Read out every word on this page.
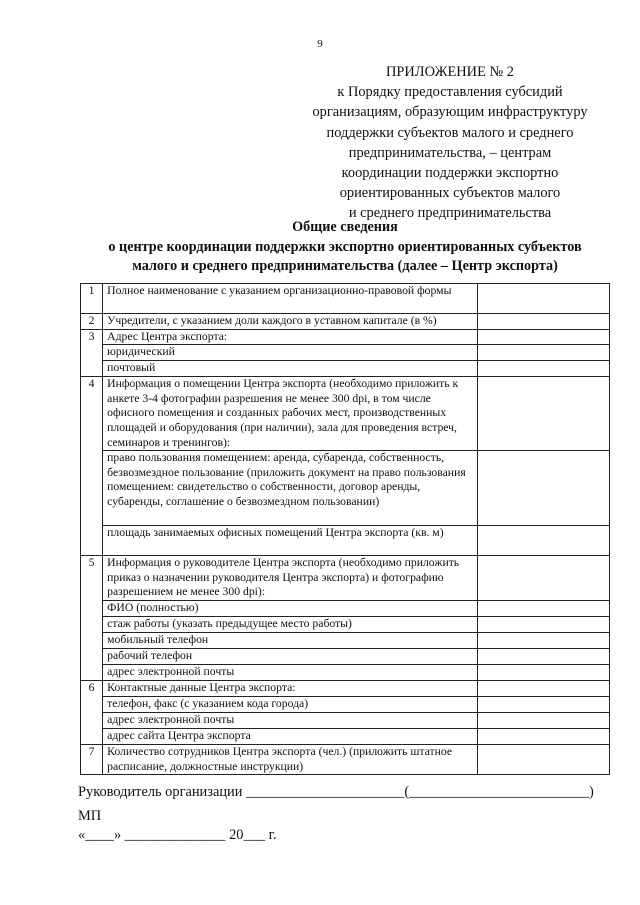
9
ПРИЛОЖЕНИЕ № 2
к Порядку предоставления субсидий
организациям, образующим инфраструктуру
поддержки субъектов малого и среднего
предпринимательства, – центрам
координации поддержки экспортно
ориентированных субъектов малого
и среднего предпринимательства
Общие сведения
о центре координации поддержки экспортно ориентированных субъектов
малого и среднего предпринимательства (далее – Центр экспорта)
1	Полное наименование с указанием организационно-правовой формы	
2	Учредители, с указанием доли каждого в уставном капитале (в %)	
3	Адрес Центра экспорта:	
	юридический	
	почтовый	
4	Информация о помещении Центра экспорта (необходимо приложить к анкете 3-4 фотографии разрешения не менее 300 dpi, в том числе офисного помещения и созданных рабочих мест, производственных площадей и оборудования (при наличии), зала для проведения встреч, семинаров и тренингов):	
	право пользования помещением: аренда, субаренда, собственность, безвозмездное пользование (приложить документ на право пользования помещением: свидетельство о собственности, договор аренды, субаренды, соглашение о безвозмездном пользовании)	
	площадь занимаемых офисных помещений Центра экспорта (кв. м)	
5	Информация о руководителе Центра экспорта (необходимо приложить приказ о назначении руководителя Центра экспорта) и фотографию разрешением не менее 300 dpi):	
	ФИО (полностью)	
	стаж работы (указать предыдущее место работы)	
	мобильный телефон	
	рабочий телефон	
	адрес электронной почты	
6	Контактные данные Центра экспорта:	
	телефон, факс (с указанием кода города)	
	адрес электронной почты	
	адрес сайта Центра экспорта	
7	Количество сотрудников Центра экспорта (чел.) (приложить штатное расписание, должностные инструкции)	
Руководитель организации ______________________(_________________________)
МП
«____» ______________ 20___ г.
